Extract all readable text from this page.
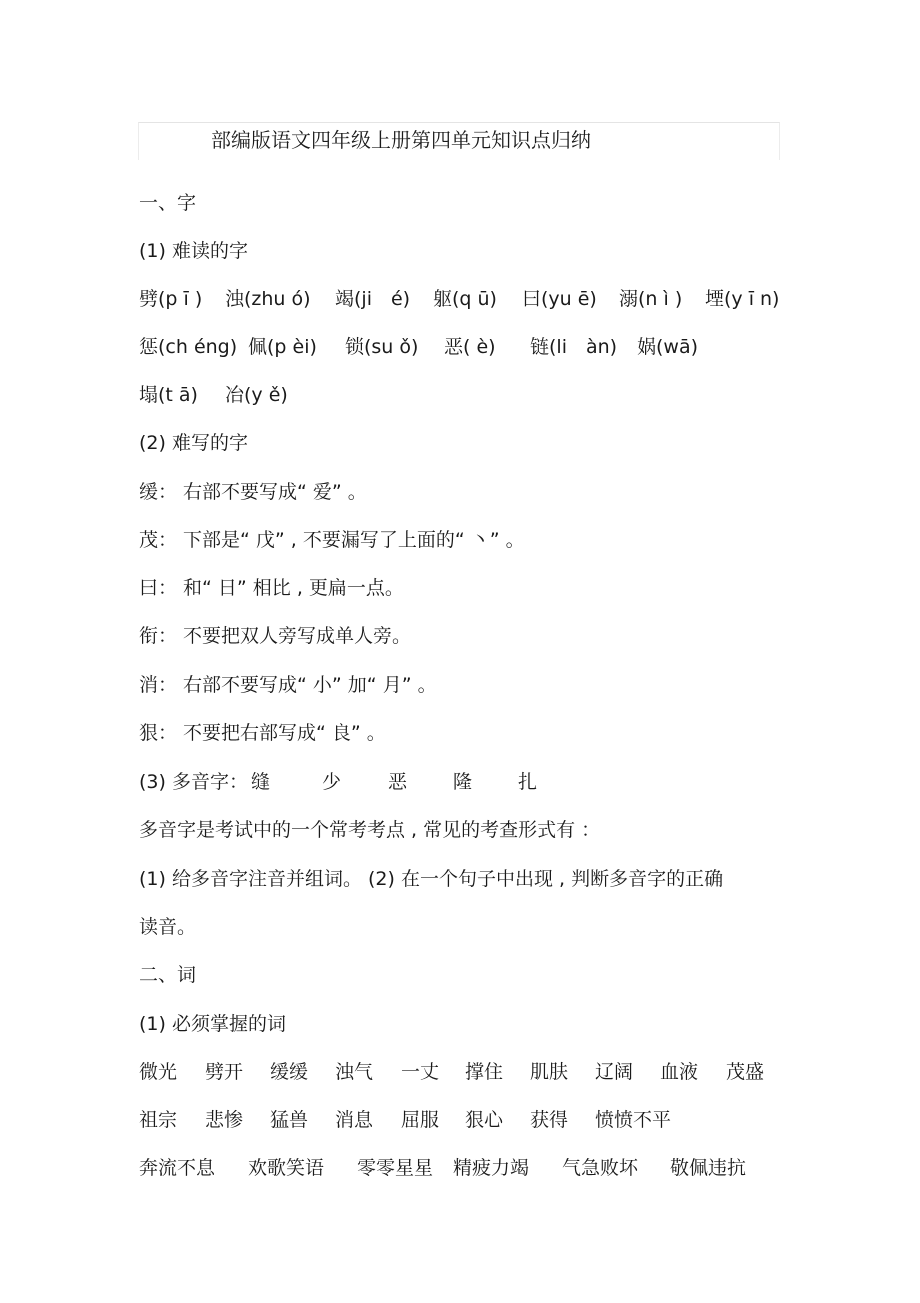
部编版语文四年级上册第四单元知识点归纳
一、字
(1) 难读的字
劈(p ī ) 浊(zhu ó) 竭(ji　é) 躯(q ū) 曰(yu ē) 溺(n ì ) 堙(y ī n)
惩(ch éng) 佩(p èi) 锁(su ǒ) 恶( è) 链(li　àn) 娲(wā)
塌(t ā) 冶(y ě)
(2) 难写的字
缓： 右部不要写成“ 爱” 。
茂： 下部是“ 戊” , 不要漏写了上面的“ 丶” 。
曰： 和“ 日” 相比 , 更扁一点。
衔： 不要把双人旁写成单人旁。
消： 右部不要写成“ 小” 加“ 月” 。
狠： 不要把右部写成“ 良” 。
(3) 多音字： 缝	少 恶 隆 扎
多音字是考试中的一个常考考点 , 常见的考查形式有 ：
(1) 给多音字注音并组词。 (2) 在一个句子中出现 , 判断多音字的正确
读音。
二、词
(1) 必须掌握的词
微光 劈开 缓缓 浊气 一丈 撑住 肌肤 辽阔 血液 茂盛
祖宗 悲惨 猛兽 消息 屈服 狠心 获得 愤愤不平
奔流不息 欢歌笑语 零零星星 精疲力竭 气急败坏 敬佩违抗
